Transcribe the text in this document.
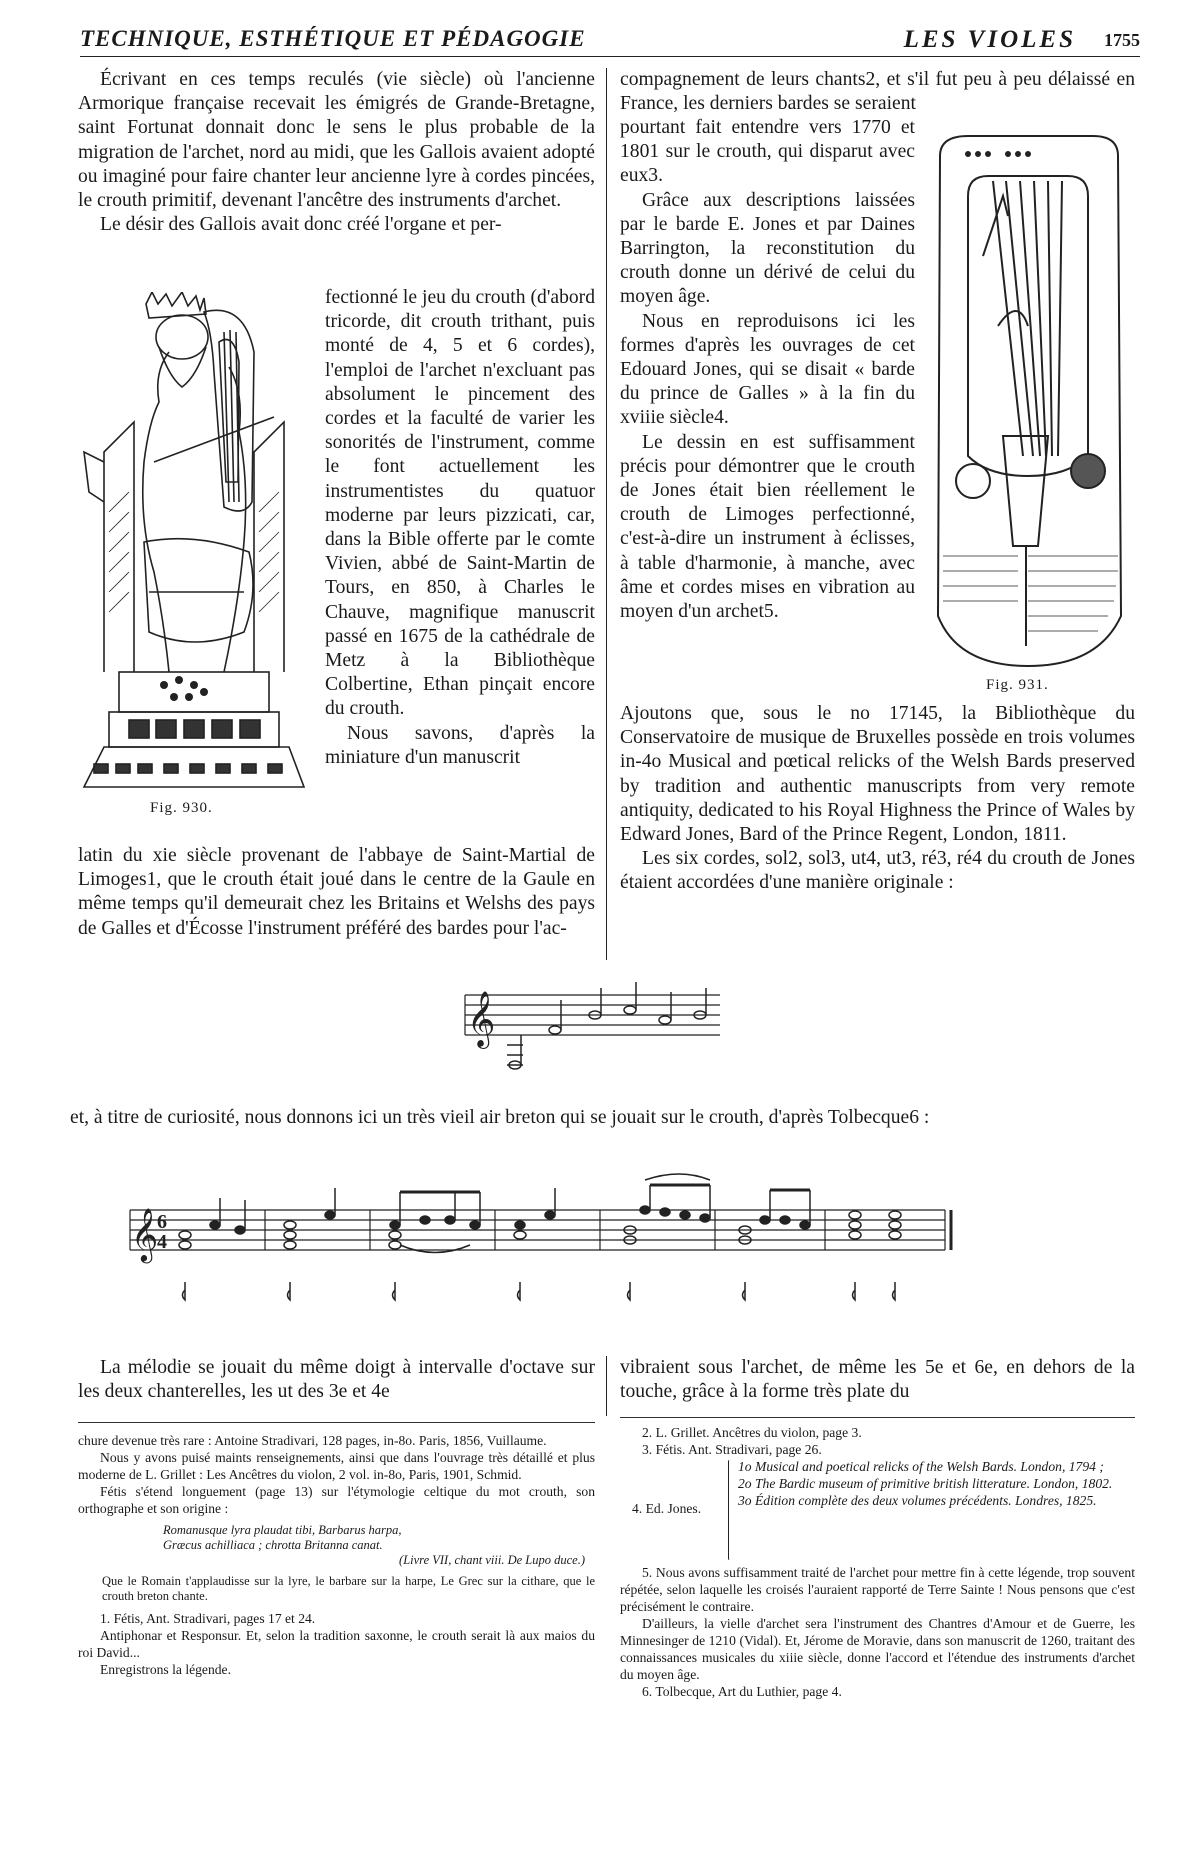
TECHNIQUE, ESTHÉTIQUE ET PÉDAGOGIE	LES VIOLES 1755

Écrivant en ces temps reculés (vie siècle) où l'ancienne Armorique française recevait les émigrés de Grande-Bretagne, saint Fortunat donnait donc le sens le plus probable de la migration de l'archet, nord au midi, que les Gallois avaient adopté ou imaginé pour faire chanter leur ancienne lyre à cordes pincées, le crouth primitif, devenant l'ancêtre des instruments d'archet.

Le désir des Gallois avait donc créé l'organe et per-

Fig. 930.

fectionné le jeu du crouth (d'abord tricorde, dit crouth trithant, puis monté de 4, 5 et 6 cordes), l'emploi de l'archet n'excluant pas absolument le pincement des cordes et la faculté de varier les sonorités de l'instrument, comme le font actuellement les instrumentistes du quatuor moderne par leurs pizzicati, car, dans la Bible offerte par le comte Vivien, abbé de Saint-Martin de Tours, en 850, à Charles le Chauve, magnifique manuscrit passé en 1675 de la cathédrale de Metz à la Bibliothèque Colbertine, Ethan pinçait encore du crouth.

Nous savons, d'après la miniature d'un manuscrit

latin du xie siècle provenant de l'abbaye de Saint-Martial de Limoges1, que le crouth était joué dans le centre de la Gaule en même temps qu'il demeurait chez les Britains et Welshs des pays de Galles et d'Écosse l'instrument préféré des bardes pour l'ac-

compagnement de leurs chants2, et s'il fut peu à peu délaissé en France, les derniers bardes se seraient

pourtant fait entendre vers 1770 et 1801 sur le crouth, qui disparut avec eux3.

Grâce aux descriptions laissées par le barde E. Jones et par Daines Barrington, la reconstitution du crouth donne un dérivé de celui du moyen âge.

Nous en reproduisons ici les formes d'après les ouvrages de cet Edouard Jones, qui se disait « barde du prince de Galles » à la fin du xviiie siècle4.

Le dessin en est suffisamment précis pour démontrer que le crouth de Jones était bien réellement le crouth de Limoges perfectionné, c'est-à-dire un instrument à éclisses, à table d'harmonie, à manche, avec âme et cordes mises en vibration au moyen d'un archet5.

Fig. 931.

Ajoutons que, sous le no 17145, la Bibliothèque du Conservatoire de musique de Bruxelles possède en trois volumes in-4o Musical and pœtical relicks of the Welsh Bards preserved by tradition and authentic manuscripts from very remote antiquity, dedicated to his Royal Highness the Prince of Wales by Edward Jones, Bard of the Prince Regent, London, 1811.

Les six cordes, sol2, sol3, ut4, ut3, ré3, ré4 du crouth de Jones étaient accordées d'une manière originale :

𝄞

et, à titre de curiosité, nous donnons ici un très vieil air breton qui se jouait sur le crouth, d'après Tolbecque6 :

𝄞
6
4

La mélodie se jouait du même doigt à intervalle d'octave sur les deux chanterelles, les ut des 3e et 4e

vibraient sous l'archet, de même les 5e et 6e, en dehors de la touche, grâce à la forme très plate du

chure devenue très rare : Antoine Stradivari, 128 pages, in-8o. Paris, 1856, Vuillaume.

Nous y avons puisé maints renseignements, ainsi que dans l'ouvrage très détaillé et plus moderne de L. Grillet : Les Ancêtres du violon, 2 vol. in-8o, Paris, 1901, Schmid.

Fétis s'étend longuement (page 13) sur l'étymologie celtique du mot crouth, son orthographe et son origine :

Romanusque lyra plaudat tibi, Barbarus harpa,
Græcus achilliaca ; chrotta Britanna canat.
(Livre VII, chant viii. De Lupo duce.)

Que le Romain t'applaudisse sur la lyre, le barbare sur la harpe, Le Grec sur la cithare, que le crouth breton chante.

1. Fétis, Ant. Stradivari, pages 17 et 24.

Antiphonar et Responsur. Et, selon la tradition saxonne, le crouth serait là aux maios du roi David...

Enregistrons la légende.

2. L. Grillet. Ancêtres du violon, page 3.

3. Fétis. Ant. Stradivari, page 26.

4. Ed. Jones.

1o Musical and poetical relicks of the Welsh Bards. London, 1794 ;

2o The Bardic museum of primitive british litterature. London, 1802.

3o Édition complète des deux volumes précédents. Londres, 1825.

5. Nous avons suffisamment traité de l'archet pour mettre fin à cette légende, trop souvent répétée, selon laquelle les croisés l'auraient rapporté de Terre Sainte ! Nous pensons que c'est précisément le contraire.

D'ailleurs, la vielle d'archet sera l'instrument des Chantres d'Amour et de Guerre, les Minnesinger de 1210 (Vidal). Et, Jérome de Moravie, dans son manuscrit de 1260, traitant des connaissances musicales du xiiie siècle, donne l'accord et l'étendue des instruments d'archet du moyen âge.

6. Tolbecque, Art du Luthier, page 4.
